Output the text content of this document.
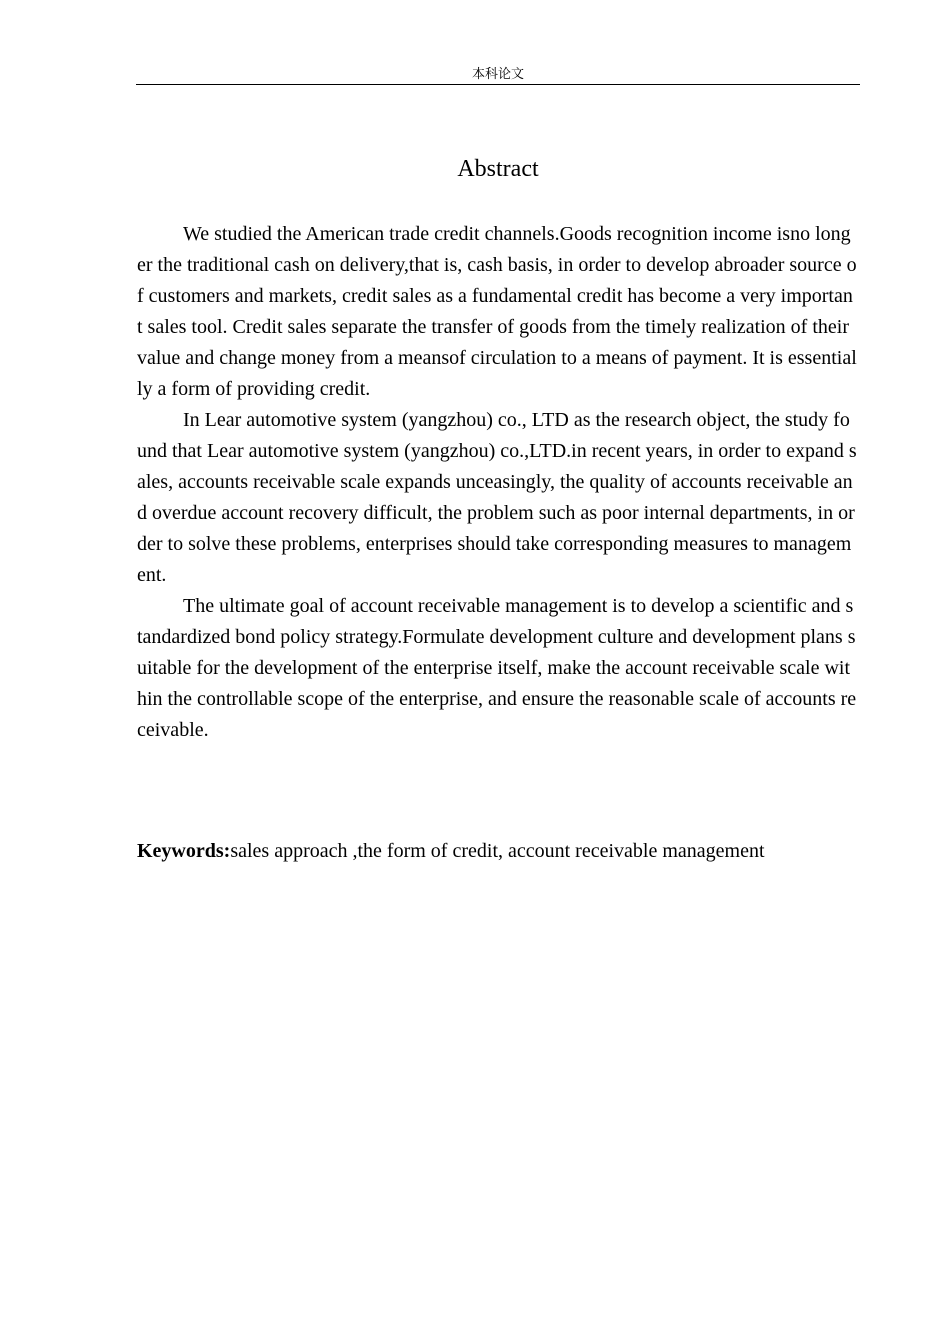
本科论文
Abstract

We studied the American trade credit channels.Goods recognition income isno longer the traditional cash on delivery,that is, cash basis, in order to develop abroader source of customers and markets, credit sales as a fundamental credit has become a very important sales tool. Credit sales separate the transfer of goods from the timely realization of their value and change money from a meansof circulation to a means of payment. It is essentially a form of providing credit.

In Lear automotive system (yangzhou) co., LTD as the research object, the study found that Lear automotive system (yangzhou) co.,LTD.in recent years, in order to expand sales, accounts receivable scale expands unceasingly, the quality of accounts receivable and overdue account recovery difficult, the problem such as poor internal departments, in order to solve these problems, enterprises should take corresponding measures to management.

The ultimate goal of account receivable management is to develop a scientific and standardized bond policy strategy.Formulate development culture and development plans suitable for the development of the enterprise itself, make the account receivable scale within the controllable scope of the enterprise, and ensure the reasonable scale of accounts receivable.

Keywords:sales approach ,the form of credit, account receivable management
